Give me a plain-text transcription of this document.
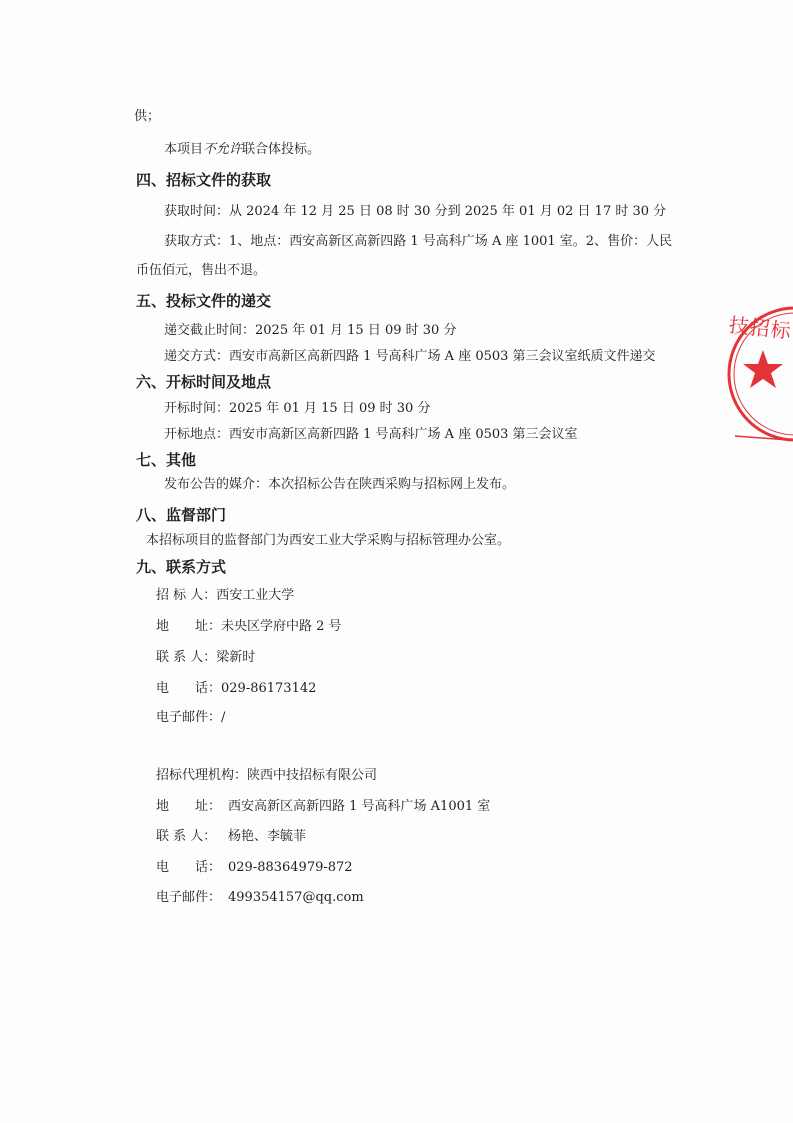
供；
本项目不允许联合体投标。
四、招标文件的获取
获取时间：从 2024 年 12 月 25 日 08 时 30 分到 2025 年 01 月 02 日 17 时 30 分
获取方式：1、地点：西安高新区高新四路 1 号高科广场 A 座 1001 室。2、售价：人民
币伍佰元，售出不退。
五、投标文件的递交
递交截止时间：2025 年 01 月 15 日 09 时 30 分
递交方式：西安市高新区高新四路 1 号高科广场 A 座 0503 第三会议室纸质文件递交
六、开标时间及地点
开标时间：2025 年 01 月 15 日 09 时 30 分
开标地点：西安市高新区高新四路 1 号高科广场 A 座 0503 第三会议室
七、其他
发布公告的媒介：本次招标公告在陕西采购与招标网上发布。
八、监督部门
本招标项目的监督部门为西安工业大学采购与招标管理办公室。
九、联系方式
招 标 人：西安工业大学
地　　址：未央区学府中路 2 号
联 系 人：梁新时
电　　话：029-86173142
电子邮件：/
招标代理机构：陕西中技招标有限公司
地　　址： 西安高新区高新四路 1 号高科广场 A1001 室
联 系 人： 杨艳、李毓菲
电　　话： 029-88364979-872
电子邮件： 499354157@qq.com
技招标
